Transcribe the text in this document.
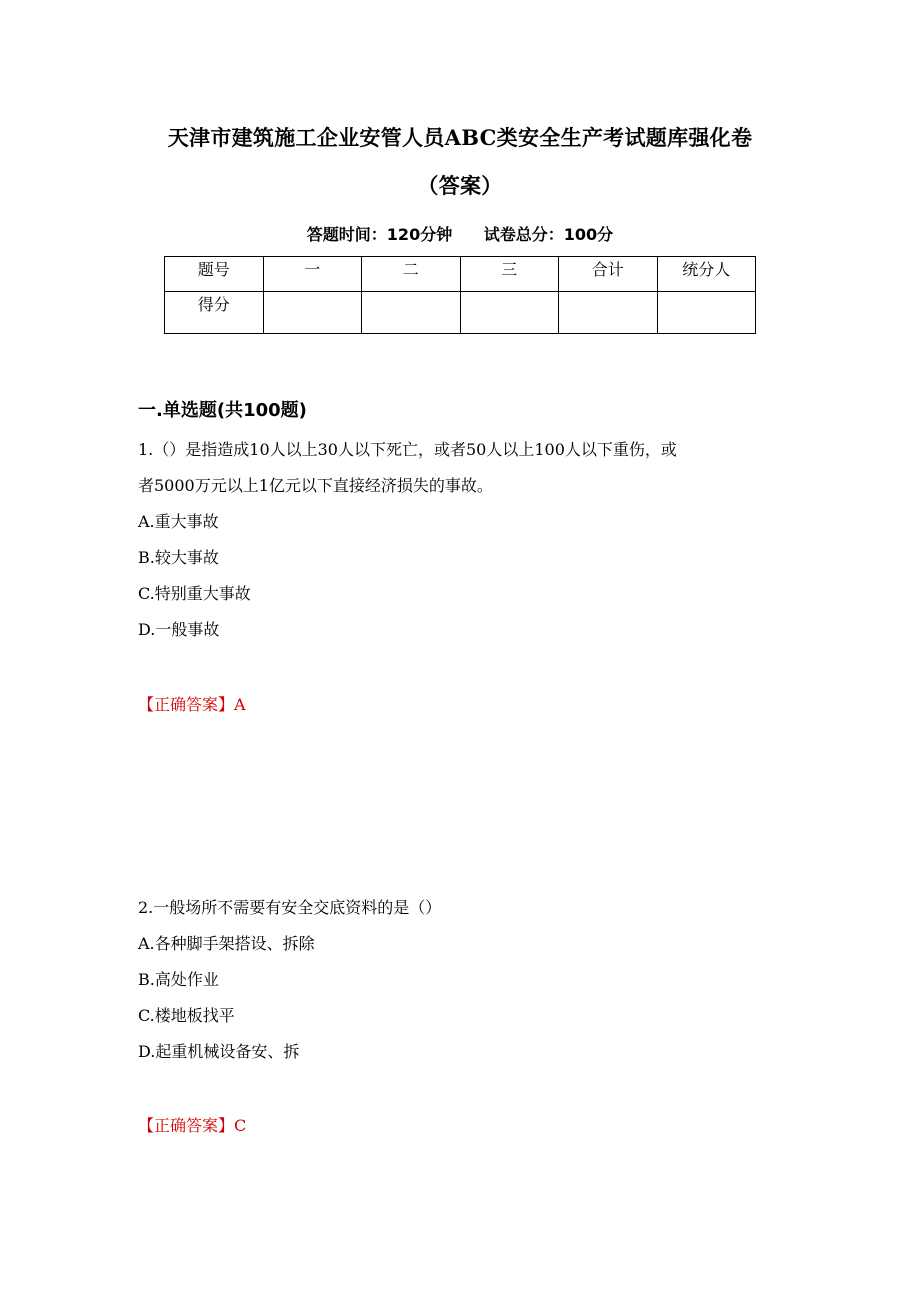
天津市建筑施工企业安管人员ABC类安全生产考试题库强化卷
（答案）
答题时间：120分钟 试卷总分：100分
题号	一	二	三	合计	统分人
得分					
一.单选题(共100题)
1.（）是指造成10人以上30人以下死亡，或者50人以上100人以下重伤，或
者5000万元以上1亿元以下直接经济损失的事故。
A.重大事故
B.较大事故
C.特别重大事故
D.一般事故
【正确答案】A
2.一般场所不需要有安全交底资料的是（）
A.各种脚手架搭设、拆除
B.高处作业
C.楼地板找平
D.起重机械设备安、拆
【正确答案】C
